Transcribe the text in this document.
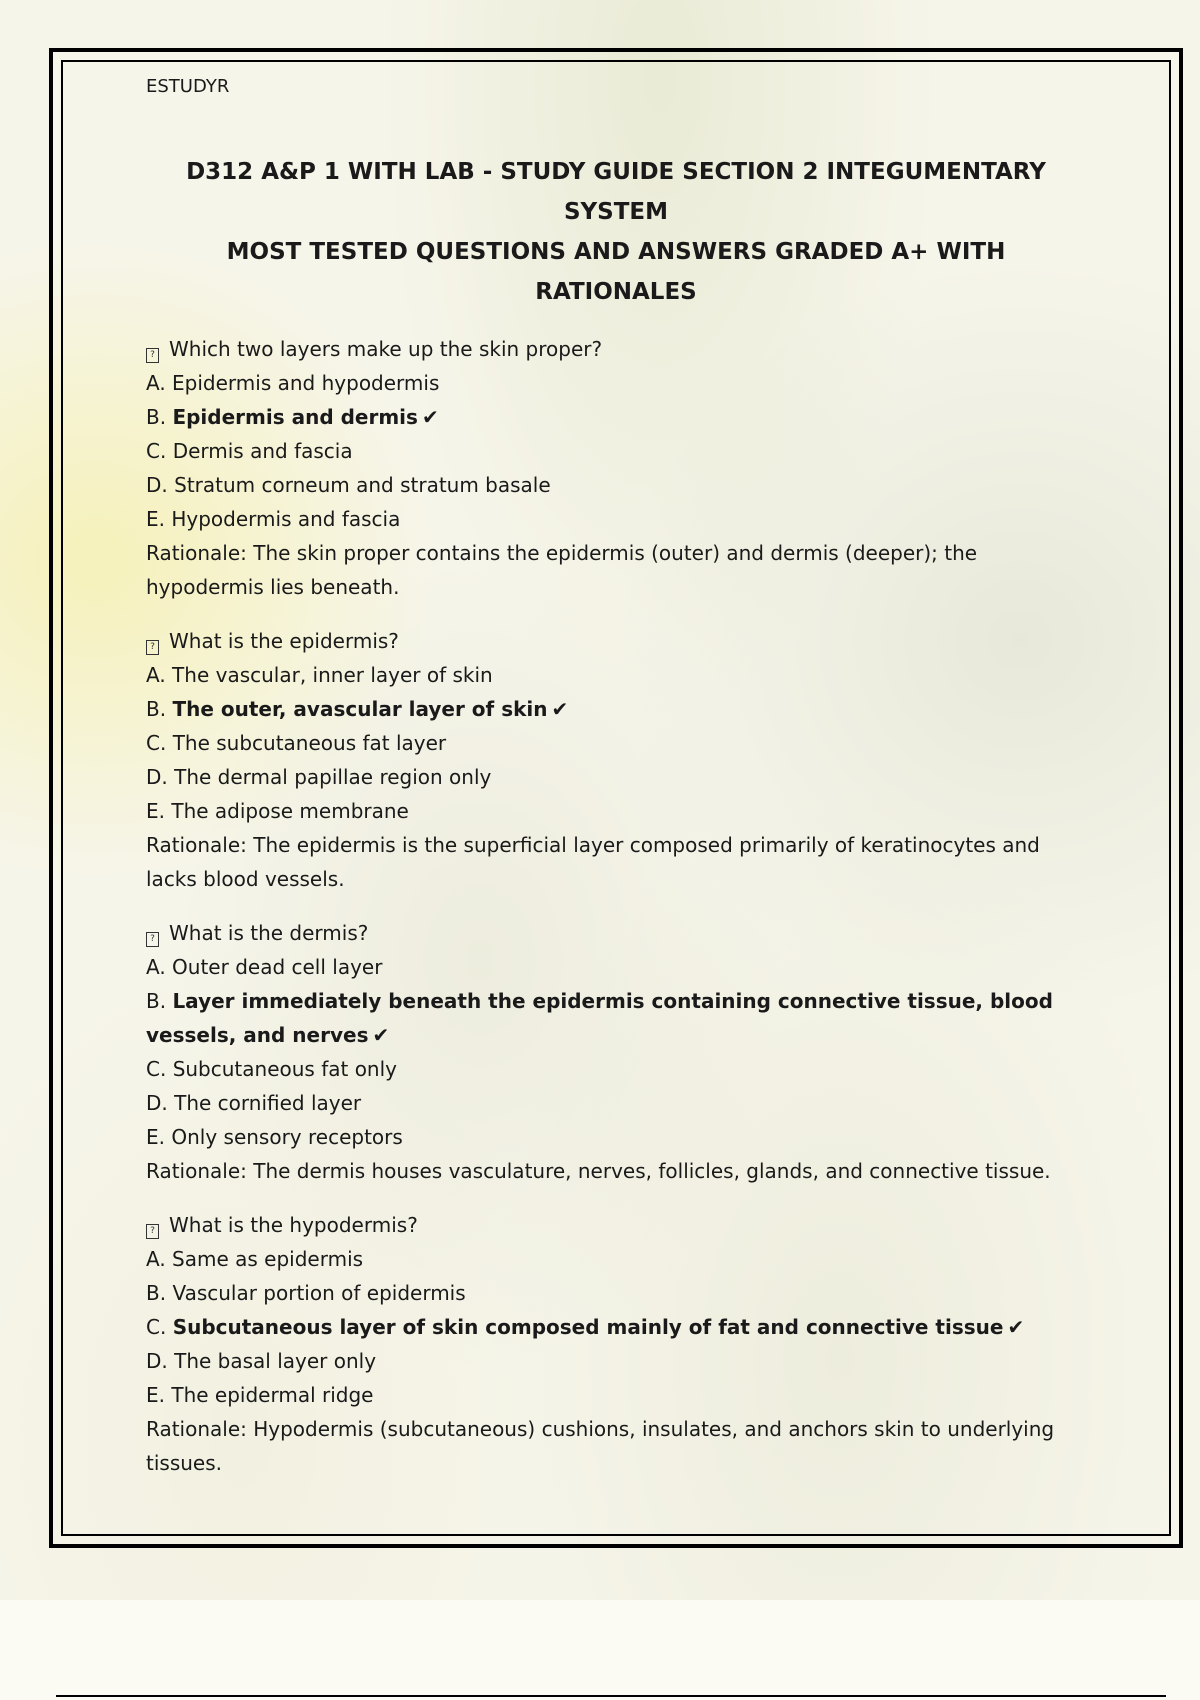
ESTUDYR

D312 A&P 1 WITH LAB - STUDY GUIDE SECTION 2 INTEGUMENTARY SYSTEM
MOST TESTED QUESTIONS AND ANSWERS GRADED A+ WITH RATIONALES

? Which two layers make up the skin proper?

A. Epidermis and hypodermis

B. Epidermis and dermis ✔

C. Dermis and fascia

D. Stratum corneum and stratum basale

E. Hypodermis and fascia

Rationale: The skin proper contains the epidermis (outer) and dermis (deeper); the hypodermis lies beneath.

? What is the epidermis?

A. The vascular, inner layer of skin

B. The outer, avascular layer of skin ✔

C. The subcutaneous fat layer

D. The dermal papillae region only

E. The adipose membrane

Rationale: The epidermis is the superficial layer composed primarily of keratinocytes and lacks blood vessels.

? What is the dermis?

A. Outer dead cell layer

B. Layer immediately beneath the epidermis containing connective tissue, blood vessels, and nerves ✔

C. Subcutaneous fat only

D. The cornified layer

E. Only sensory receptors

Rationale: The dermis houses vasculature, nerves, follicles, glands, and connective tissue.

? What is the hypodermis?

A. Same as epidermis

B. Vascular portion of epidermis

C. Subcutaneous layer of skin composed mainly of fat and connective tissue ✔

D. The basal layer only

E. The epidermal ridge

Rationale: Hypodermis (subcutaneous) cushions, insulates, and anchors skin to underlying tissues.
